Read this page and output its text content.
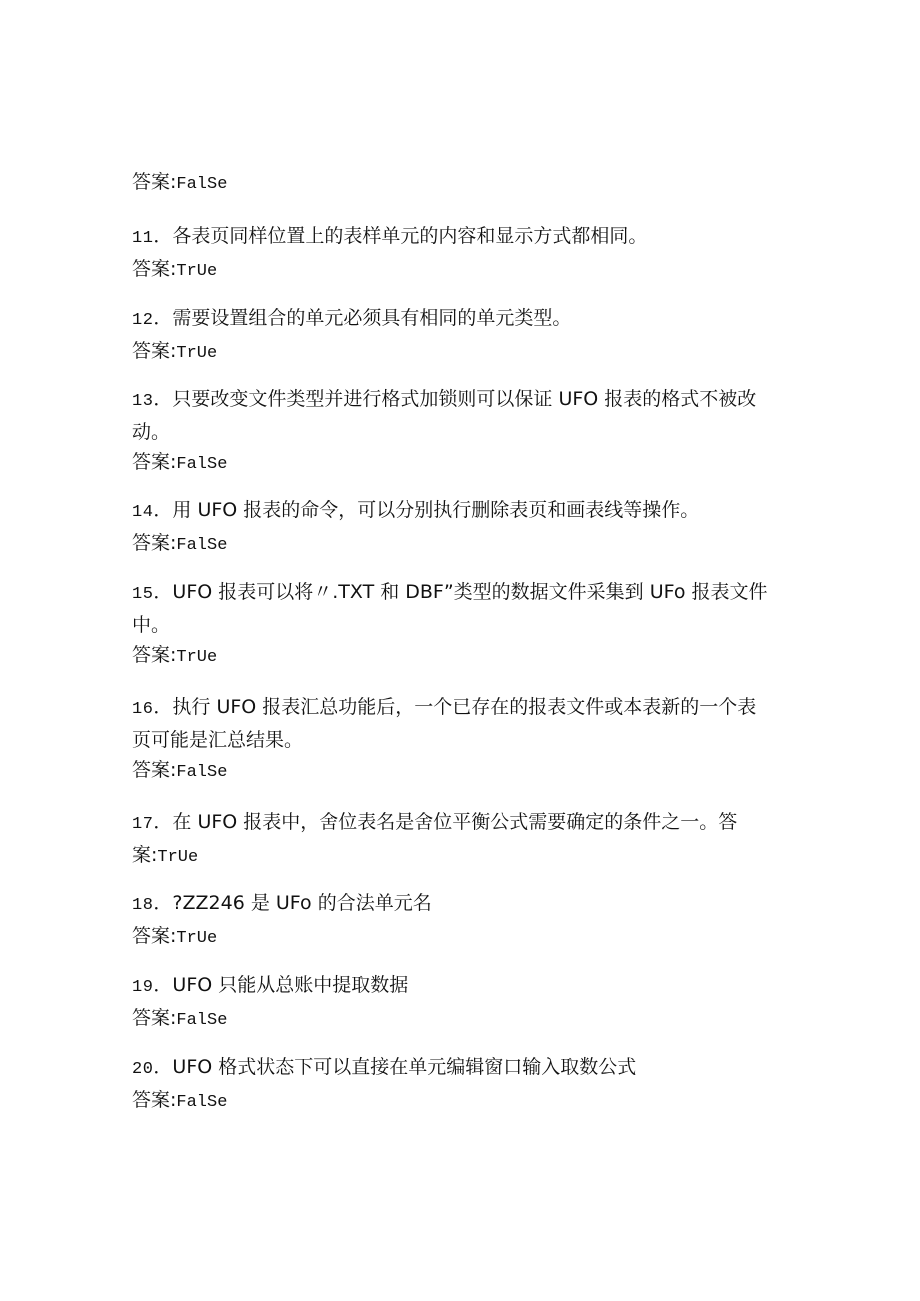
答案:FalSe
11．各表页同样位置上的表样单元的内容和显示方式都相同。
答案:TrUe
12．需要设置组合的单元必须具有相同的单元类型。
答案:TrUe
13．只要改变文件类型并进行格式加锁则可以保证 UFO 报表的格式不被改
动。
答案:FalSe
14．用 UFO 报表的命令，可以分别执行删除表页和画表线等操作。
答案:FalSe
15．UFO 报表可以将〃.TXT 和 DBF”类型的数据文件采集到 UFo 报表文件
中。
答案:TrUe
16．执行 UFO 报表汇总功能后，一个已存在的报表文件或本表新的一个表
页可能是汇总结果。
答案:FalSe
17．在 UFO 报表中，舍位表名是舍位平衡公式需要确定的条件之一。答
案:TrUe
18．?ZZ246 是 UFo 的合法单元名
答案:TrUe
19．UFO 只能从总账中提取数据
答案:FalSe
20．UFO 格式状态下可以直接在单元编辑窗口输入取数公式
答案:FalSe
